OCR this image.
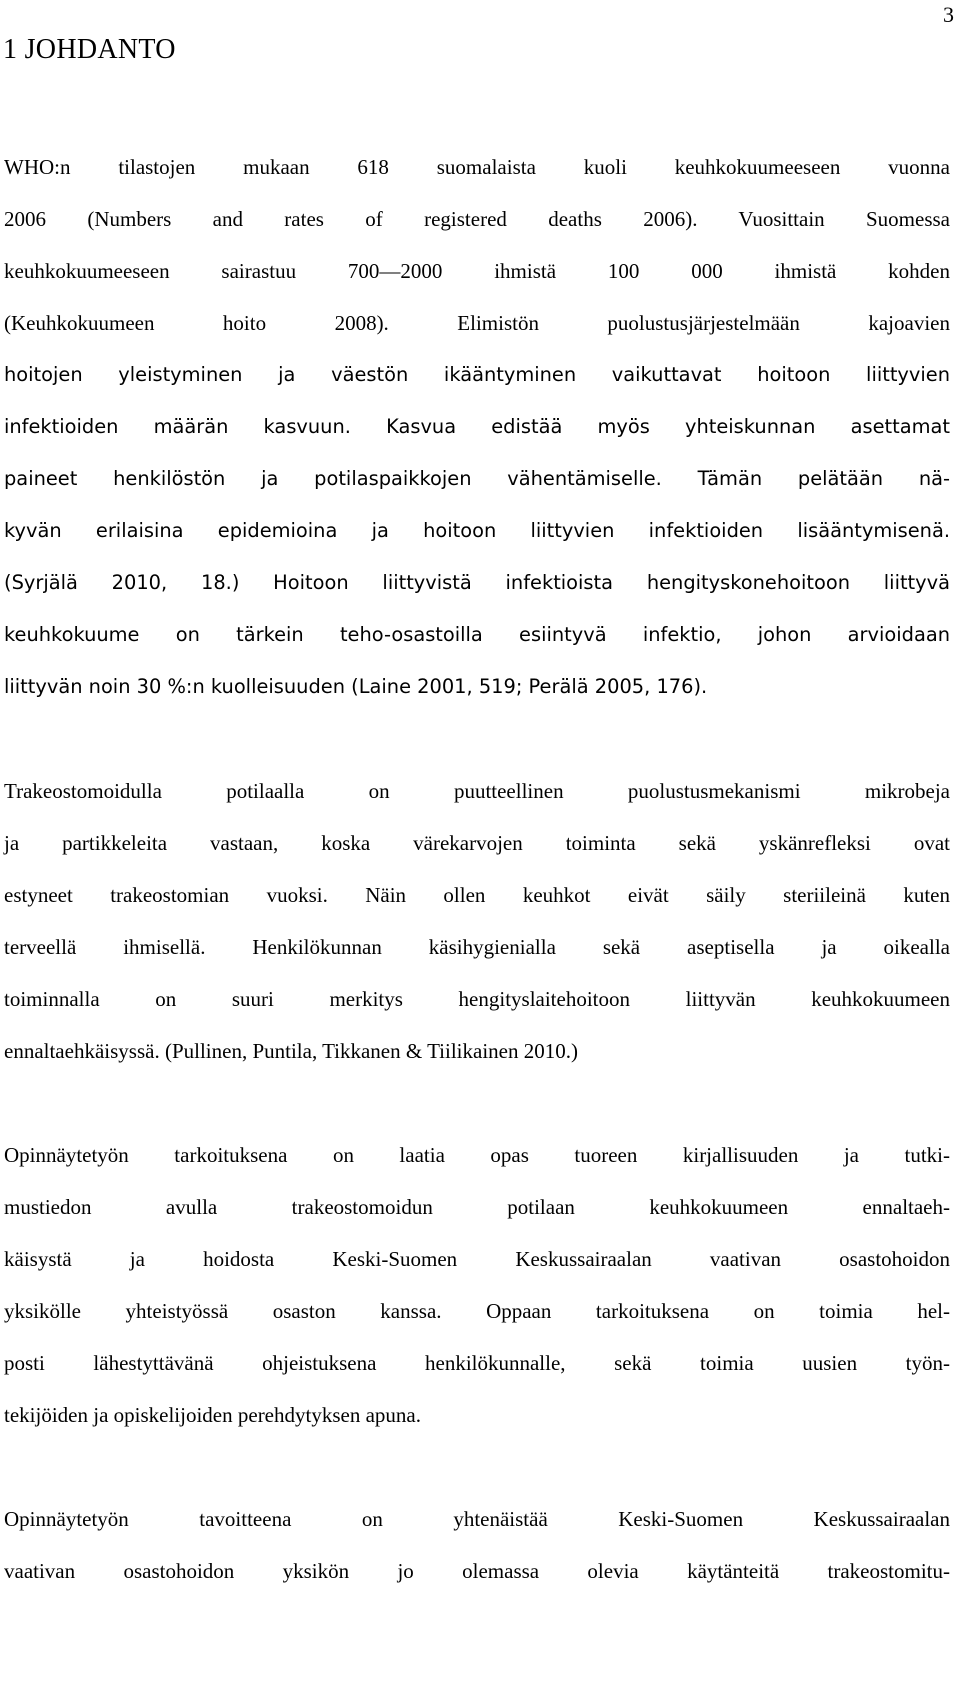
3
1 JOHDANTO
WHO:n tilastojen mukaan 618 suomalaista kuoli keuhkokuumeeseen vuonna
2006 (Numbers and rates of registered deaths 2006). Vuosittain Suomessa
keuhkokuumeeseen sairastuu 700—2000 ihmistä 100 000 ihmistä kohden
(Keuhkokuumeen hoito 2008). Elimistön puolustusjärjestelmään kajoavien
hoitojen yleistyminen ja väestön ikääntyminen vaikuttavat hoitoon liittyvien
infektioiden määrän kasvuun. Kasvua edistää myös yhteiskunnan asettamat
paineet henkilöstön ja potilaspaikkojen vähentämiselle. Tämän pelätään nä-
kyvän erilaisina epidemioina ja hoitoon liittyvien infektioiden lisääntymisenä.
(Syrjälä 2010, 18.) Hoitoon liittyvistä infektioista hengityskonehoitoon liittyvä
keuhkokuume on tärkein teho-osastoilla esiintyvä infektio, johon arvioidaan
liittyvän noin 30 %:n kuolleisuuden (Laine 2001, 519; Perälä 2005, 176).
Trakeostomoidulla potilaalla on puutteellinen puolustusmekanismi mikrobeja
ja partikkeleita vastaan, koska värekarvojen toiminta sekä yskänrefleksi ovat
estyneet trakeostomian vuoksi. Näin ollen keuhkot eivät säily steriileinä kuten
terveellä ihmisellä. Henkilökunnan käsihygienialla sekä aseptisella ja oikealla
toiminnalla on suuri merkitys hengityslaitehoitoon liittyvän keuhkokuumeen
ennaltaehkäisyssä. (Pullinen, Puntila, Tikkanen & Tiilikainen 2010.)
Opinnäytetyön tarkoituksena on laatia opas tuoreen kirjallisuuden ja tutki-
mustiedon avulla trakeostomoidun potilaan keuhkokuumeen ennaltaeh-
käisystä ja hoidosta Keski-Suomen Keskussairaalan vaativan osastohoidon
yksikölle yhteistyössä osaston kanssa. Oppaan tarkoituksena on toimia hel-
posti lähestyttävänä ohjeistuksena henkilökunnalle, sekä toimia uusien työn-
tekijöiden ja opiskelijoiden perehdytyksen apuna.
Opinnäytetyön tavoitteena on yhtenäistää Keski-Suomen Keskussairaalan
vaativan osastohoidon yksikön jo olemassa olevia käytänteitä trakeostomitu-
